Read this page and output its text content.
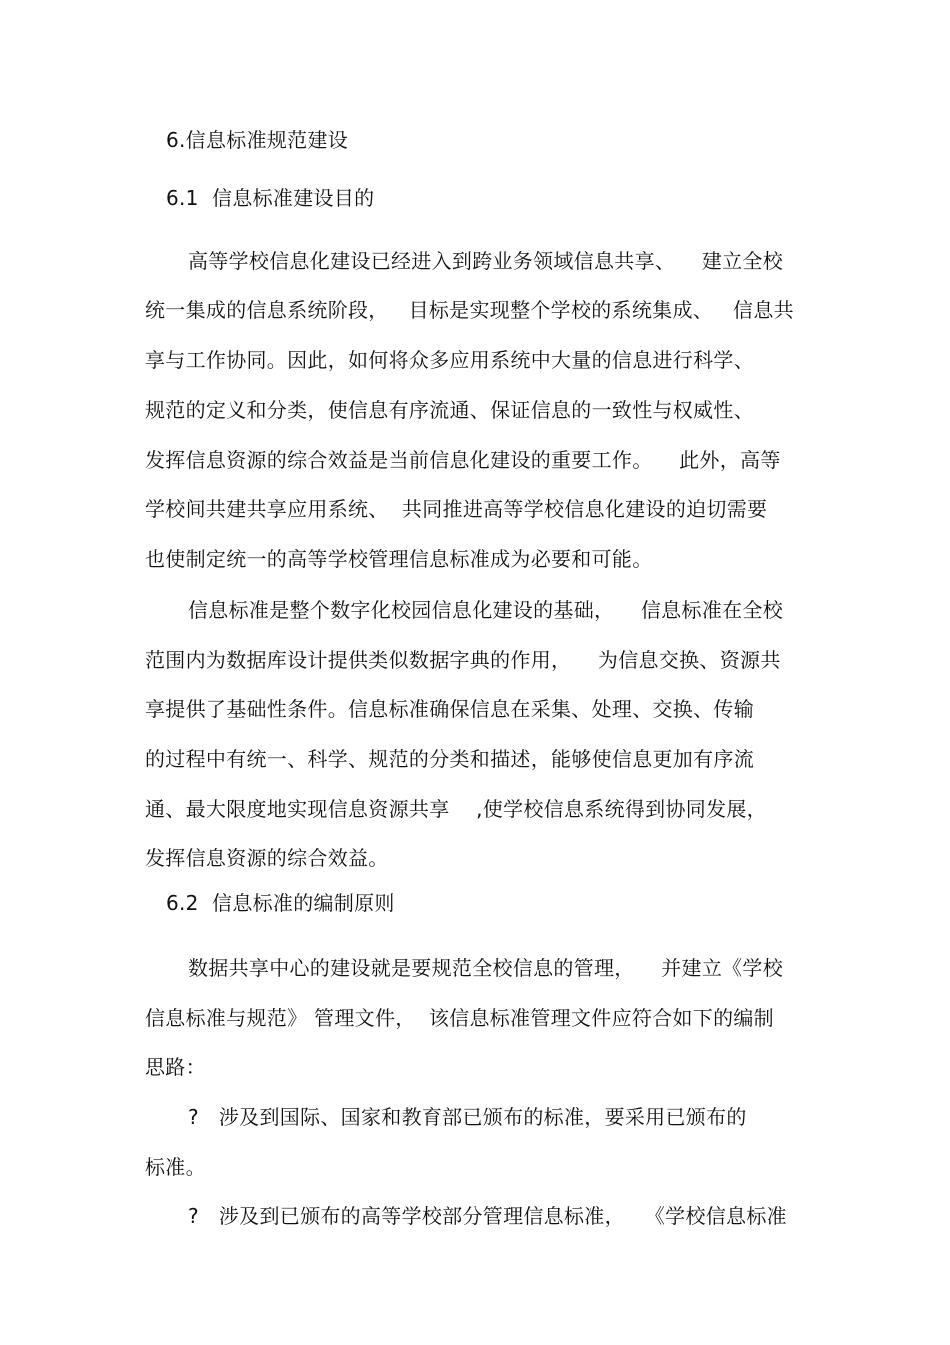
6.信息标准规范建设
6.1  信息标准建设目的
高等学校信息化建设已经进入到跨业务领域信息共享、    建立全校
统一集成的信息系统阶段，   目标是实现整个学校的系统集成、   信息共
享与工作协同。因此，如何将众多应用系统中大量的信息进行科学、
规范的定义和分类，使信息有序流通、保证信息的一致性与权威性、
发挥信息资源的综合效益是当前信息化建设的重要工作。    此外，高等
学校间共建共享应用系统、  共同推进高等学校信息化建设的迫切需要
也使制定统一的高等学校管理信息标准成为必要和可能。
信息标准是整个数字化校园信息化建设的基础，    信息标准在全校
范围内为数据库设计提供类似数据字典的作用，    为信息交换、资源共
享提供了基础性条件。信息标准确保信息在采集、处理、交换、传输
的过程中有统一、科学、规范的分类和描述，能够使信息更加有序流
通、最大限度地实现信息资源共享    ,使学校信息系统得到协同发展，
发挥信息资源的综合效益。
6.2  信息标准的编制原则
数据共享中心的建设就是要规范全校信息的管理，    并建立《学校
信息标准与规范》 管理文件，  该信息标准管理文件应符合如下的编制
思路：
?   涉及到国际、国家和教育部已颁布的标准，要采用已颁布的
标准。
?   涉及到已颁布的高等学校部分管理信息标准，   《学校信息标准
